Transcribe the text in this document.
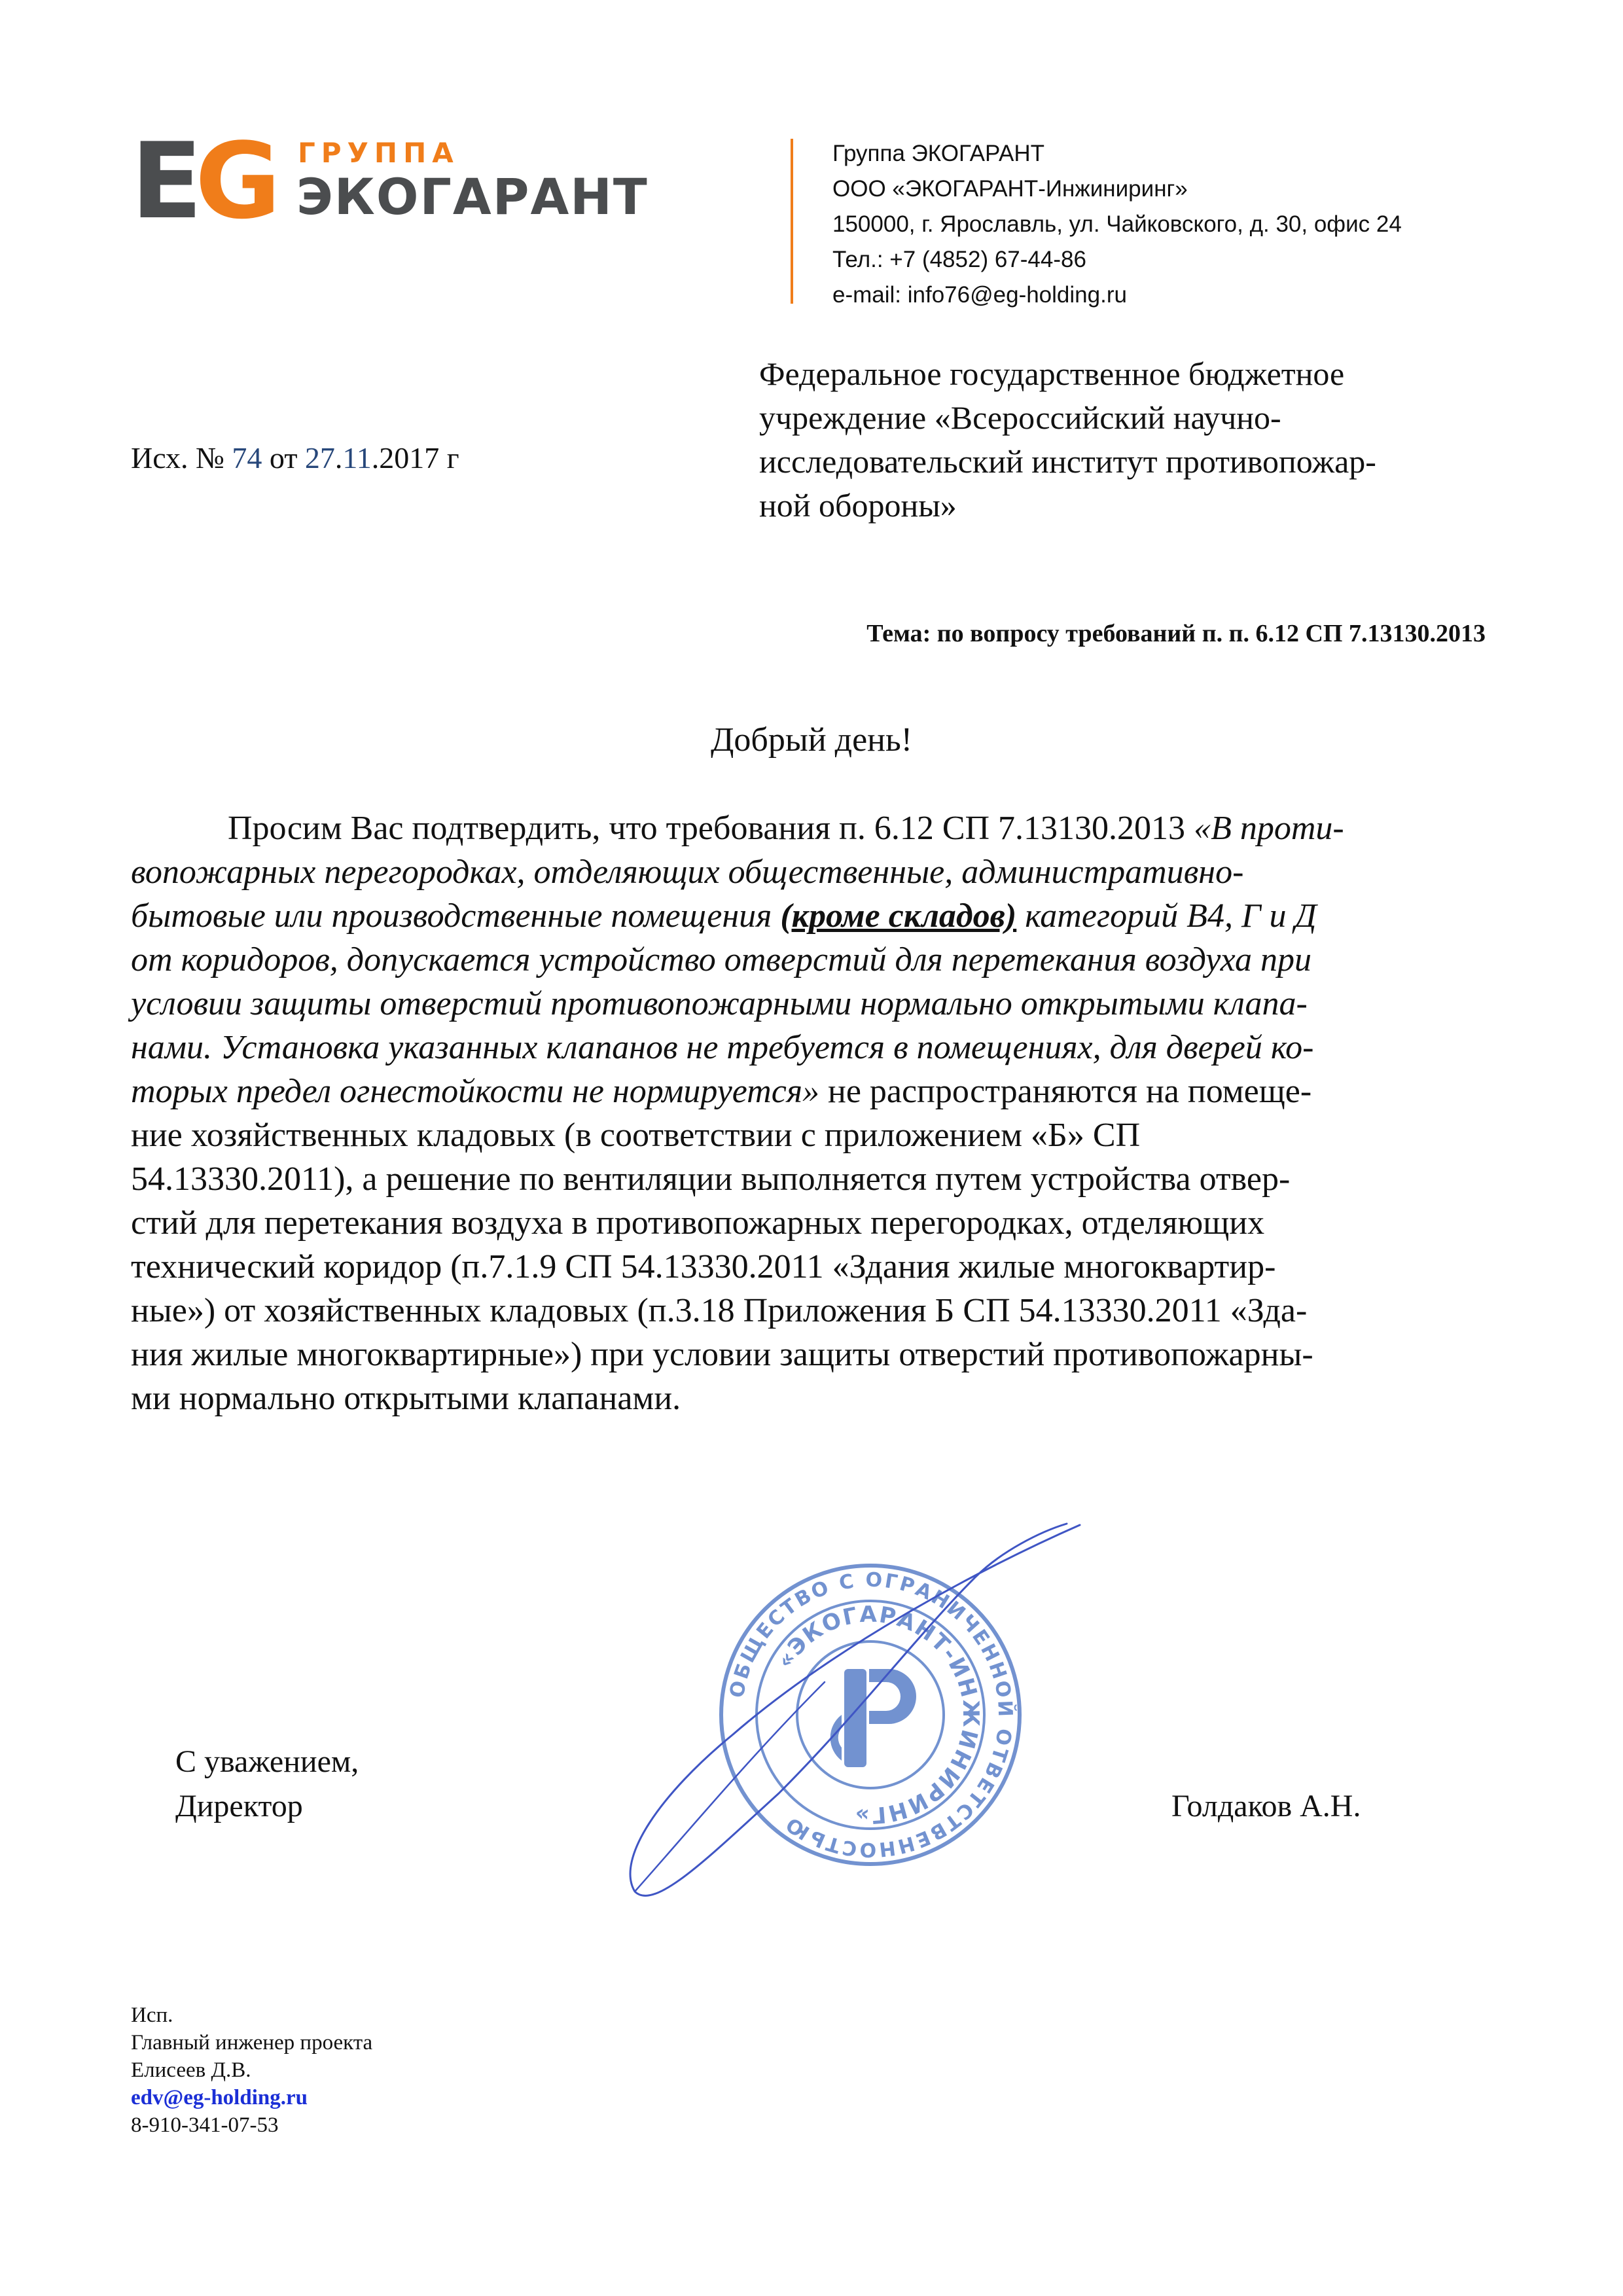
E
G ГРУППА
ЭКОГАРАНТ
Группа ЭКОГАРАНТ
ООО «ЭКОГАРАНТ-Инжиниринг»
150000, г. Ярославль, ул. Чайковского, д. 30, офис 24
Тел.: +7 (4852) 67-44-86
e-mail: info76@eg-holding.ru
Исх. № 74 от 27.11.2017 г
Федеральное государственное бюджетное
учреждение «Всероссийский научно-
исследовательский институт противопожар-
ной обороны»
Тема: по вопросу требований п. п. 6.12 СП 7.13130.2013
Добрый день!
Просим Вас подтвердить, что требования п. 6.12 СП 7.13130.2013 «В проти-
вопожарных перегородках, отделяющих общественные, административно-
бытовые или производственные помещения (кроме складов) категорий В4, Г и Д
от коридоров, допускается устройство отверстий для перетекания воздуха при
условии защиты отверстий противопожарными нормально открытыми клапа-
нами. Установка указанных клапанов не требуется в помещениях, для дверей ко-
торых предел огнестойкости не нормируется» не распространяются на помеще-
ние хозяйственных кладовых (в соответствии с приложением «Б» СП
54.13330.2011), а решение по вентиляции выполняется путем устройства отвер-
стий для перетекания воздуха в противопожарных перегородках, отделяющих
технический коридор (п.7.1.9 СП 54.13330.2011 «Здания жилые многоквартир-
ные») от хозяйственных кладовых (п.3.18 Приложения Б СП 54.13330.2011 «Зда-
ния жилые многоквартирные») при условии защиты отверстий противопожарны-
ми нормально открытыми клапанами.
ОБЩЕСТВО С ОГРАНИЧЕННОЙ ОТВЕТСТВЕННОСТЬЮ
«ЭКОГАРАНТ-ИНЖИНИРИНГ»
С уважением,
Директор	Голдаков А.Н.
Исп.
Главный инженер проекта
Елисеев Д.В.
edv@eg-holding.ru
8-910-341-07-53
